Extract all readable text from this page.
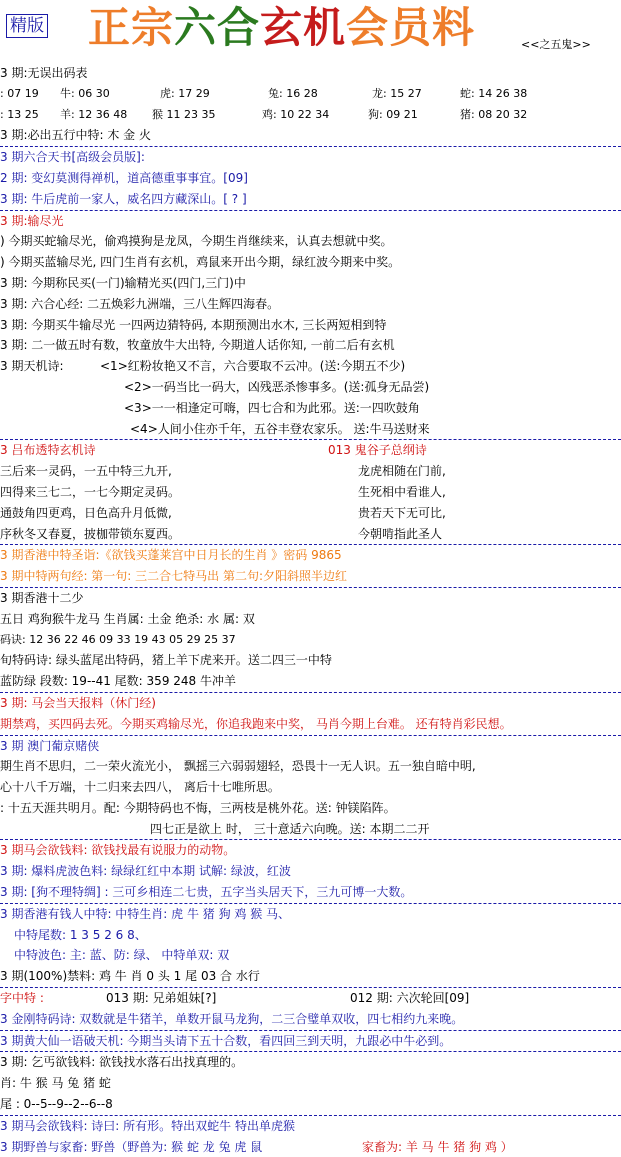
精版 正宗六合玄机会员料	<<之五鬼>>
3 期:无误出码表
: 07 19 牛: 06 30	虎: 17 29	兔: 16 28	龙: 15 27	蛇: 14 26 38
: 13 25 羊: 12 36 48 猴 11 23 35	鸡: 10 22 34	狗: 09 21	猪: 08 20 32
3 期:必出五行中特: 木 金 火
3 期六合天书[高级会员版]:
2 期: 变幻莫测得禅机，道高德重事事宜。[09]
3 期: 牛后虎前一家人，威名四方藏深山。[ ? ]
3 期:输尽光
) 今期买蛇输尽光，偷鸡摸狗是龙凤，今期生肖继续来，认真去想就中奖。
) 今期买蓝输尽光, 四门生肖有玄机，鸡鼠来开出今期，绿红波今期来中奖。
3 期: 今期称民买(一门)输精光买(四门,三门)中
3 期: 六合心经: 二五焕彩九洲端，三八生辉四海春。
3 期: 今期买牛输尽光 一四两边猜特码, 本期预测出水木, 三长两短相到特
3 期: 二一做五时有数，牧童放牛大出特, 今期道人话你知, 一前二后有玄机
3 期天机诗:	<1>红粉妆艳又不言，六合要取不云冲。(送:今期五不少)
<2>一码当比一码大，凶残恶杀惨事多。(送:孤身无品尝)
<3>一一相逢定可嗨，四七合和为此邪。送:一四吹鼓角
<4>人间小住亦千年，五谷丰登农家乐。 送:牛马送财来
3 吕布透特玄机诗	013 鬼谷子总纲诗
三后来一灵码，一五中特三九开,	龙虎相随在门前,
四得来三七二，一七今期定灵码。	生死相中看谁人,
通鼓角四更鸡，日色高升月低微,	贵若天下无可比,
序秋冬又春夏，披枷带锁东夏西。	今朝啃指此圣人
3 期香港中特圣诣:《欲钱买蓬莱宫中日月长的生肖 》密码 9865
3 期中特两句经: 第一句: 三二合七特马出 第二句:夕阳斜照半边红
3 期香港十二少
五日 鸡狗猴牛龙马 生肖属: 土金 绝杀: 水 属: 双
码诀: 12 36 22 46 09 33 19 43 05 29 25 37
旬特码诗: 绿头蓝尾出特码，猪上羊下虎来开。送二四三一中特
蓝防绿 段数: 19--41 尾数: 359 248 牛冲羊
3 期: 马会当天报料（休门经)
期禁鸡，买四码去死。今期买鸡输尽光，你追我跑来中奖， 马肖今期上台难。 还有特肖彩民想。
3 期 澳门葡京赌侠
期生肖不思归，二一荣火流光小， 飘摇三六弱弱翅轻，恐畏十一无人识。五一独自暗中明,
心十八千万端，十二归来去四八， 离后十七唯所思。
: 十五天涯共明月。配: 今期特码也不悔，三两枝是桃外花。送: 钟镁陷阵。
四七正是欲上 时， 三十意适六向晚。送: 本期二二开
3 期马会欲钱料: 欲钱找最有说服力的动物。
3 期: 爆料虎波色料: 绿绿红红中本期 试解: 绿波，红波
3 期: [狗不理特绸] : 三可乡相连二七贵，五字当头居天下，三九可博一大数。
3 期香港有钱人中特: 中特生肖: 虎 牛 猪 狗 鸡 猴 马、
中特尾数: 1 3 5 2 6 8、
中特波色: 主: 蓝、防: 绿、 中特单双: 双
3 期(100%)禁料: 鸡 牛 肖 0 头 1 尾 03 合 水行
字中特 :	013 期: 兄弟姐妹[?]	012 期: 六次轮回[09]
3 金刚特码诗: 双数就是牛猪羊，单数开鼠马龙狗，二三合璧单双收，四七相约九来晚。
3 期黄大仙一语破天机: 今期当头请下五十合数，看四回三到天明，九跟必中牛必到。
3 期: 乞丐欲钱料: 欲钱找水落石出找真理的。
肖: 牛 猴 马 兔 猪 蛇
尾 : 0--5--9--2--6--8
3 期马会欲钱料: 诗曰: 所有形。特出双蛇牛 特出单虎猴
3 期野兽与家畜: 野兽（野兽为: 猴 蛇 龙 兔 虎 鼠	家畜为: 羊 马 牛 猪 狗 鸡 ）
